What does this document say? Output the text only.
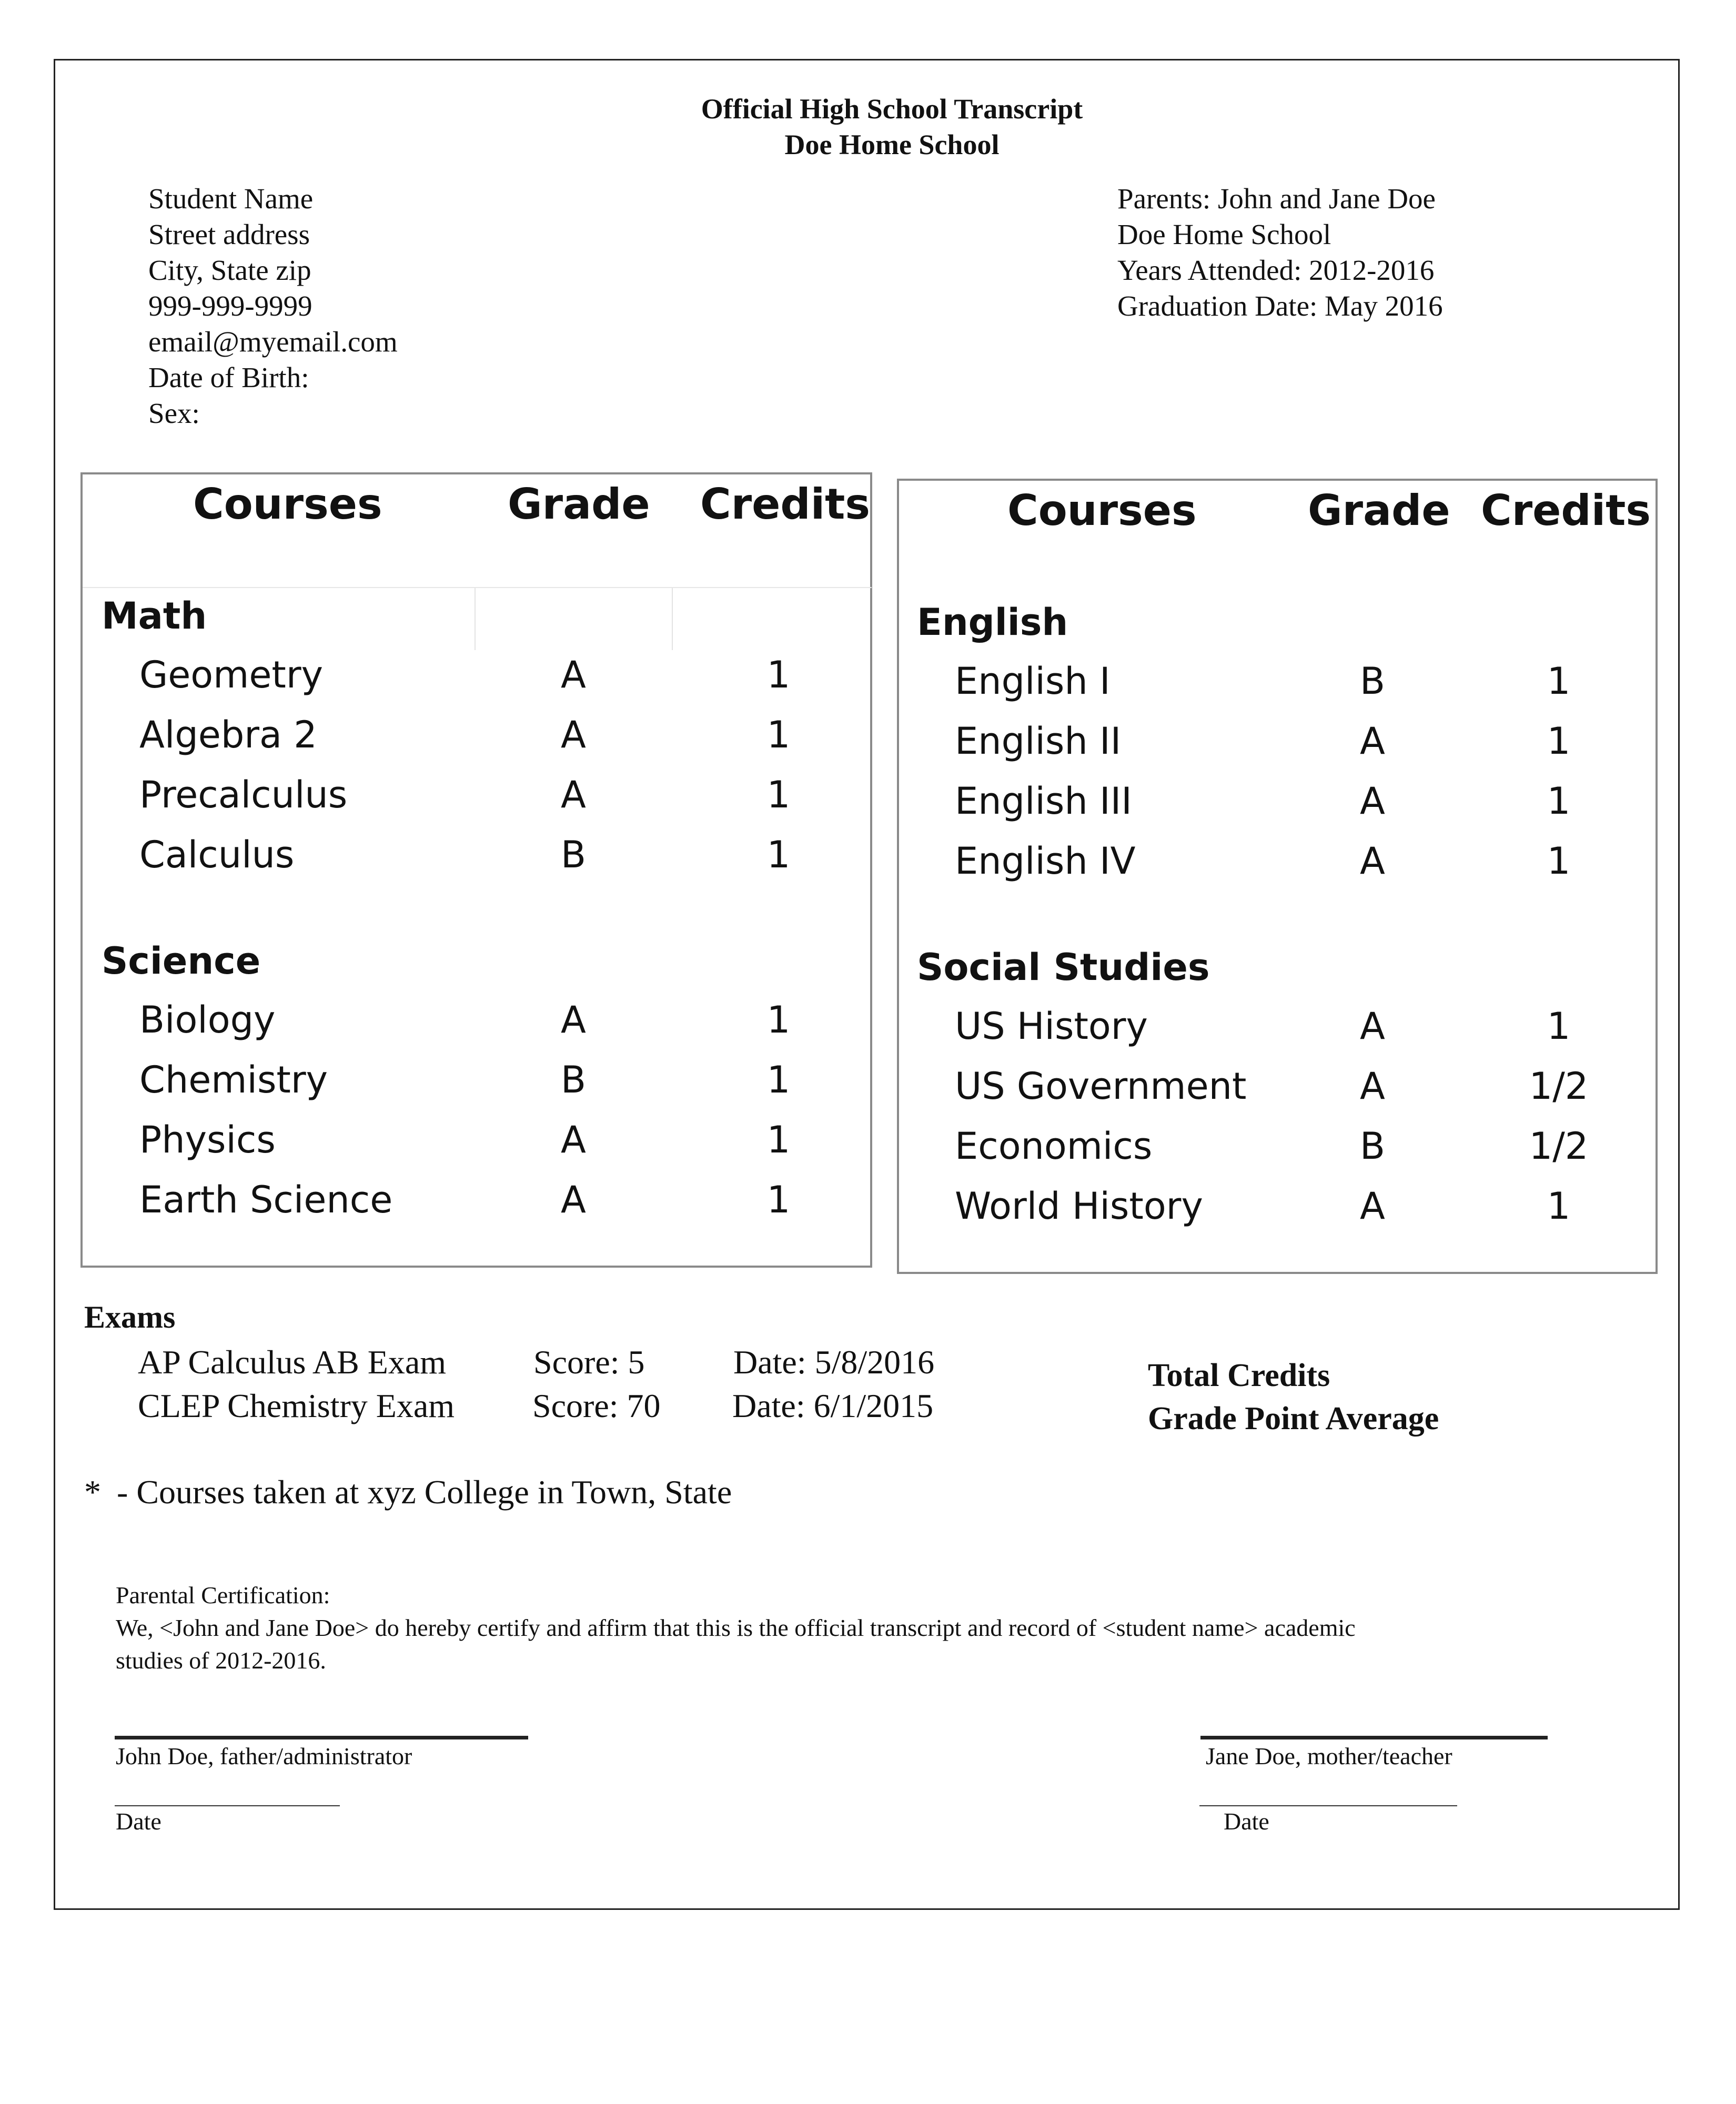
Official High School Transcript
Doe Home School
Student Name
Street address
City, State zip
999-999-9999
email@myemail.com
Date of Birth:
Sex:
Parents: John and Jane Doe
Doe Home School
Years Attended: 2012-2016
Graduation Date: May 2016
Courses	Grade Credits
Math
Geometry	A	1
Algebra 2	A	1
Precalculus	A	1
Calculus	B	1
Science
Biology	A	1
Chemistry	B	1
Physics	A	1
Earth Science	A	1
Courses	Grade Credits
English
English I	B	1
English II	A	1
English III	A	1
English IV	A	1
Social Studies
US History	A	1
US Government	A	1/2
Economics	B	1/2
World History	A	1
Exams
AP Calculus AB Exam	Score: 5	Date: 5/8/2016
CLEP Chemistry Exam Score: 70 Date: 6/1/2015
Total Credits
Grade Point Average
* - Courses taken at xyz College in Town, State
Parental Certification:
We, <John and Jane Doe> do hereby certify and affirm that this is the official transcript and record of <student name> academic
studies of 2012-2016.
John Doe, father/administrator	Jane Doe, mother/teacher
Date	Date
